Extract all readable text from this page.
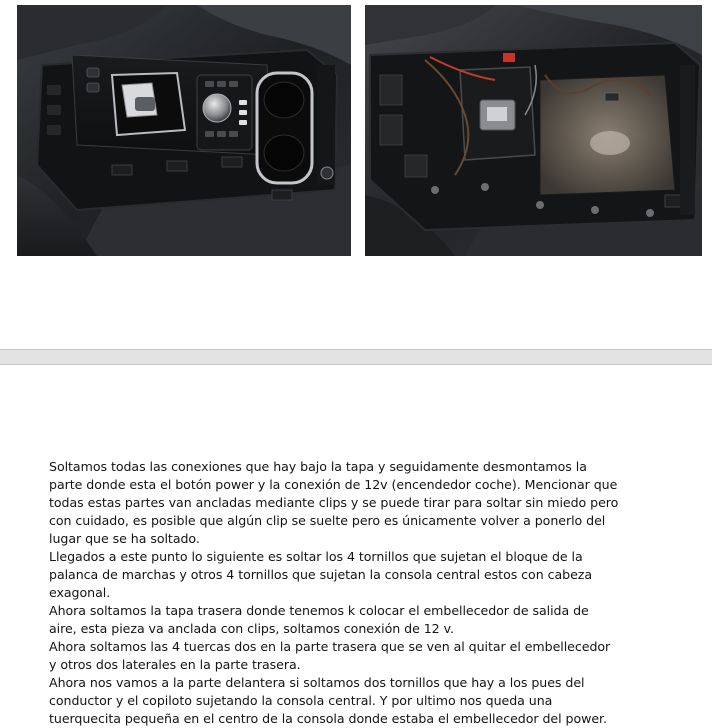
Soltamos todas las conexiones que hay bajo la tapa y seguidamente desmontamos la parte donde esta el botón power y la conexión de 12v (encendedor coche). Mencionar que todas estas partes van ancladas mediante clips y se puede tirar para soltar sin miedo pero con cuidado, es posible que algún clip se suelte pero es únicamente volver a ponerlo del lugar que se ha soltado.

Llegados a este punto lo siguiente es soltar los 4 tornillos que sujetan el bloque de la palanca de marchas y otros 4 tornillos que sujetan la consola central estos con cabeza exagonal.

Ahora soltamos la tapa trasera donde tenemos k colocar el embellecedor de salida de aire, esta pieza va anclada con clips, soltamos conexión de 12 v.

Ahora soltamos las 4 tuercas dos en la parte trasera que se ven al quitar el embellecedor y otros dos laterales en la parte trasera.

Ahora nos vamos a la parte delantera si soltamos dos tornillos que hay a los pues del conductor y el copiloto sujetando la consola central. Y por ultimo nos queda una tuerquecita pequeña en el centro de la consola donde estaba el embellecedor del power.
